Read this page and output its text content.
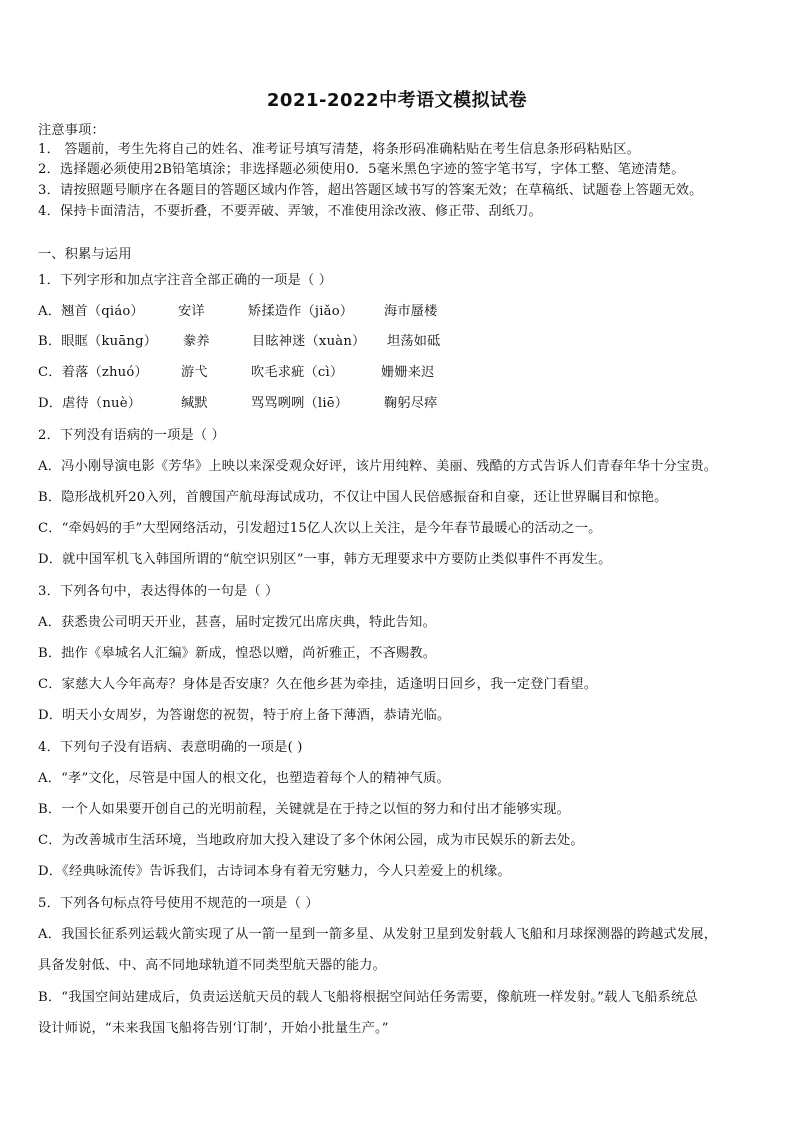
2021-2022中考语文模拟试卷
注意事项：
1． 答题前，考生先将自己的姓名、准考证号填写清楚，将条形码准确粘贴在考生信息条形码粘贴区。
2．选择题必须使用2B铅笔填涂；非选择题必须使用0．5毫米黑色字迹的签字笔书写，字体工整、笔迹清楚。
3．请按照题号顺序在各题目的答题区域内作答，超出答题区域书写的答案无效；在草稿纸、试题卷上答题无效。
4．保持卡面清洁，不要折叠，不要弄破、弄皱，不准使用涂改液、修正带、刮纸刀。
一、积累与运用
1．下列字形和加点字注音全部正确的一项是（ ）
A．翘首（qiáo）	安详	矫揉造作（jiǎo） 海市蜃楼
B．眼眶（kuāng） 豢养	目眩神迷（xuàn） 坦荡如砥
C．着落（zhuó）	游弋	吹毛求疵（cì）	姗姗来迟
D．虐待（nuè）	缄默	骂骂咧咧（liē）	鞠躬尽瘁
2．下列没有语病的一项是（ ）
A．冯小刚导演电影《芳华》上映以来深受观众好评，该片用纯粹、美丽、残酷的方式告诉人们青春年华十分宝贵。
B．隐形战机歼20入列，首艘国产航母海试成功，不仅让中国人民倍感振奋和自豪，还让世界瞩目和惊艳。
C．“牵妈妈的手”大型网络活动，引发超过15亿人次以上关注，是今年春节最暖心的活动之一。
D．就中国军机飞入韩国所谓的“航空识别区”一事，韩方无理要求中方要防止类似事件不再发生。
3．下列各句中，表达得体的一句是（ ）
A．获悉贵公司明天开业，甚喜，届时定拨冗出席庆典，特此告知。
B．拙作《皋城名人汇编》新成，惶恐以赠，尚祈雅正，不吝赐教。
C．家慈大人今年高寿？身体是否安康？久在他乡甚为牵挂，适逢明日回乡，我一定登门看望。
D．明天小女周岁，为答谢您的祝贺，特于府上备下薄酒，恭请光临。
4．下列句子没有语病、表意明确的一项是( )
A．“孝”文化，尽管是中国人的根文化，也塑造着每个人的精神气质。
B．一个人如果要开创自己的光明前程，关键就是在于持之以恒的努力和付出才能够实现。
C．为改善城市生活环境，当地政府加大投入建设了多个休闲公园，成为市民娱乐的新去处。
D．《经典咏流传》告诉我们，古诗词本身有着无穷魅力，今人只差爱上的机缘。
5．下列各句标点符号使用不规范的一项是（ ）
A．我国长征系列运载火箭实现了从一箭一星到一箭多星、从发射卫星到发射载人飞船和月球探测器的跨越式发展，
具备发射低、中、高不同地球轨道不同类型航天器的能力。
B．“我国空间站建成后，负责运送航天员的载人飞船将根据空间站任务需要，像航班一样发射。”载人飞船系统总
设计师说，“未来我国飞船将告别‘订制’，开始小批量生产。”
